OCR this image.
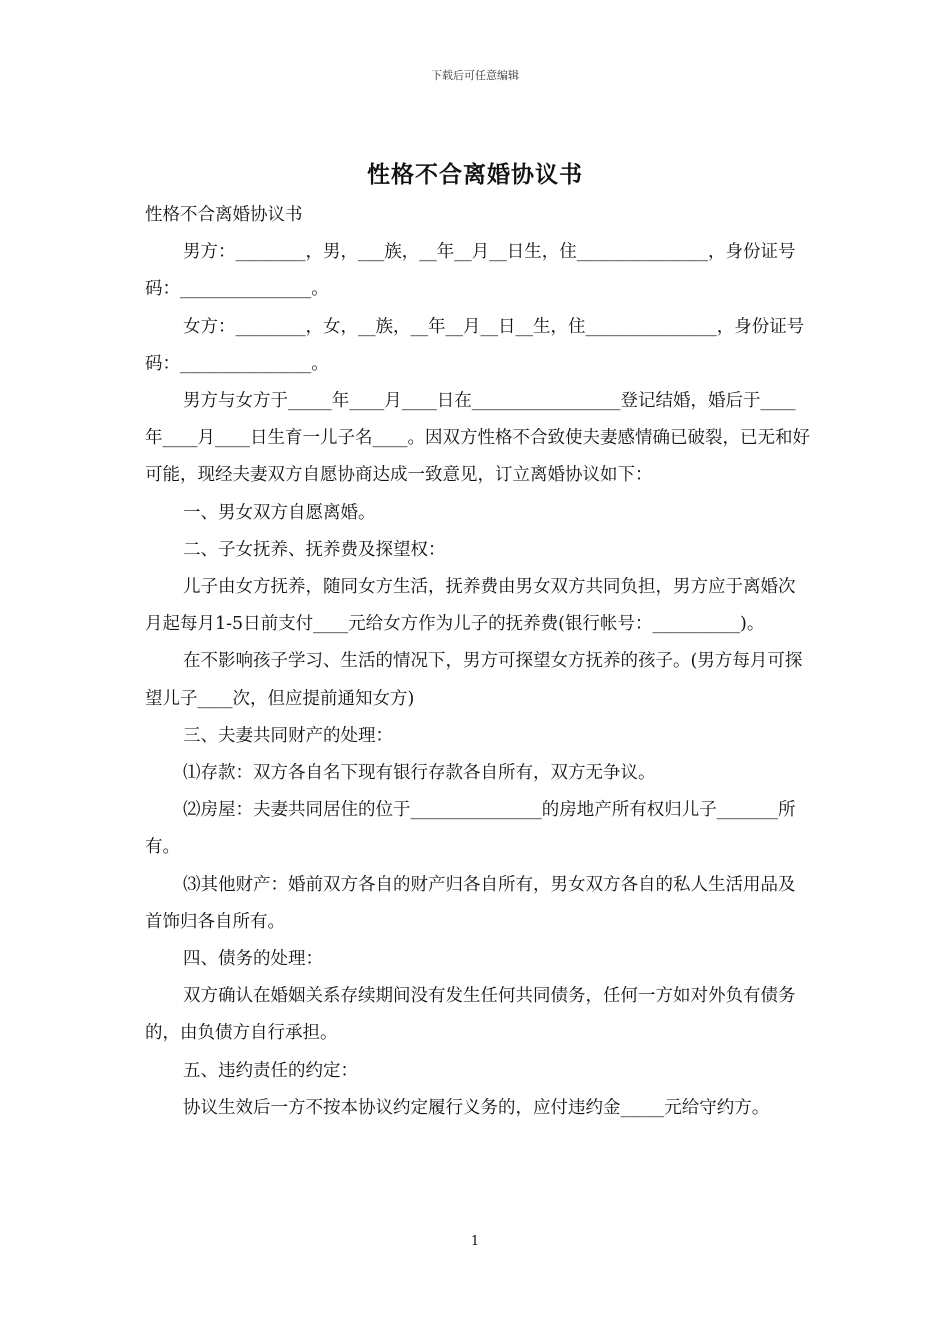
下载后可任意编辑
性格不合离婚协议书

性格不合离婚协议书

男方：________，男，___族，__年__月__日生，住_______________，身份证号码：_______________。

女方：________，女，__族，__年__月__日__生，住_______________，身份证号码：_______________。

男方与女方于_____年____月____日在_________________登记结婚，婚后于____年____月____日生育一儿子名____。因双方性格不合致使夫妻感情确已破裂，已无和好可能，现经夫妻双方自愿协商达成一致意见，订立离婚协议如下：

一、男女双方自愿离婚。

二、子女抚养、抚养费及探望权：

儿子由女方抚养，随同女方生活，抚养费由男女双方共同负担，男方应于离婚次月起每月1-5日前支付____元给女方作为儿子的抚养费(银行帐号：__________)。

在不影响孩子学习、生活的情况下，男方可探望女方抚养的孩子。(男方每月可探望儿子____次，但应提前通知女方)

三、夫妻共同财产的处理：

⑴存款：双方各自名下现有银行存款各自所有，双方无争议。

⑵房屋：夫妻共同居住的位于_______________的房地产所有权归儿子_______所有。

⑶其他财产：婚前双方各自的财产归各自所有，男女双方各自的私人生活用品及首饰归各自所有。

四、债务的处理：

双方确认在婚姻关系存续期间没有发生任何共同债务，任何一方如对外负有债务的，由负债方自行承担。

五、违约责任的约定：

协议生效后一方不按本协议约定履行义务的，应付违约金_____元给守约方。

1
